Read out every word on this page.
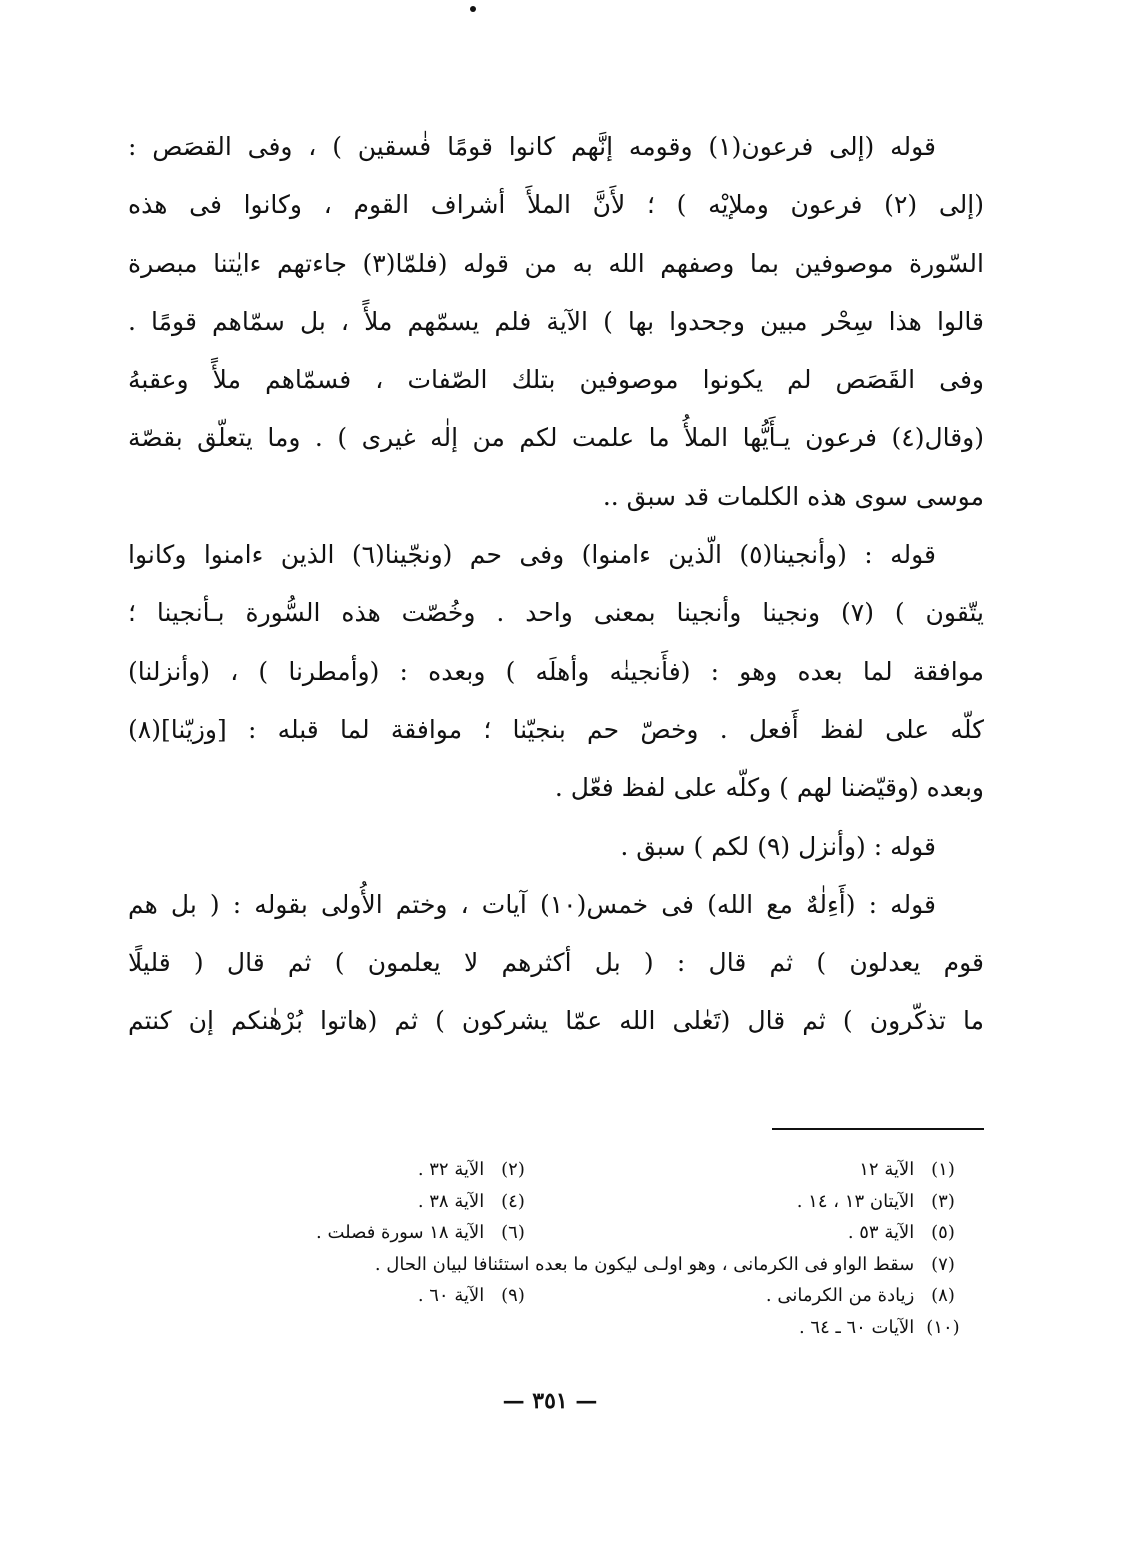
قوله (إلى فرعون(١) وقومه إنَّهم كانوا قومًا فٰسقين ) ، وفى القصَص :
(إلى (٢) فرعون وملإيْه ) ؛ لأَنَّ الملأَ أشراف القوم ، وكانوا فى هذه
السّورة موصوفين بما وصفهم الله به من قوله (فلمّا(٣) جاءتهم ءايٰتنا مبصرة
قالوا هذا سِحْر مبين وجحدوا بها ) الآية فلم يسمّهم ملأً ، بل سمّاهم قومًا .
وفى القَصَص لم يكونوا موصوفين بتلك الصّفات ، فسمّاهم ملأً وعقبهُ
(وقال(٤) فرعون يـأَيُّها الملأُ ما علمت لكم من إلٰه غيرى ) . وما يتعلّق بقصّة
موسى سوى هذه الكلمات قد سبق ..
قوله : (وأنجينا(٥) الّذين ءامنوا) وفى حم (ونجّينا(٦) الذين ءامنوا وكانوا
يتّقون ) (٧) ونجينا وأنجينا بمعنى واحد . وخُصّت هذه السُّورة بـأنجينا ؛
موافقة لما بعده وهو : (فأَنجينٰه وأهلَه ) وبعده : (وأمطرنا ) ، (وأنزلنا)
كلّه على لفظ أَفعل . وخصّ حم بنجيّنا ؛ موافقة لما قبله : [وزيّنا](٨)
وبعده (وقيّضنا لهم ) وكلّه على لفظ فعّل .
قوله : (وأنزل (٩) لكم ) سبق .
قوله : (أَءِلٰهٌ مع الله) فى خمس(١٠) آيات ، وختم الأُولى بقوله : ( بل هم
قوم يعدلون ) ثم قال : ( بل أكثرهم لا يعلمون ) ثم قال ( قليلًا
ما تذكّرون ) ثم قال (تَعٰلى الله عمّا يشركون ) ثم (هاتوا بُرْهٰنكم إن كنتم
(١) الآية ١٢
(٢) الآية ٣٢ .
(٣) الآيتان ١٣ ، ١٤ .
(٤) الآية ٣٨ .
(٥) الآية ٥٣ .
(٦) الآية ١٨ سورة فصلت .
(٧) سقط الواو فى الكرمانى ، وهو اولـى ليكون ما بعده استئنافا لبيان الحال .
(٨) زيادة من الكرمانى .
(٩) الآية ٦٠ .
(١٠) الآيات ٦٠ ـ ٦٤ .
— ٣٥١ —
